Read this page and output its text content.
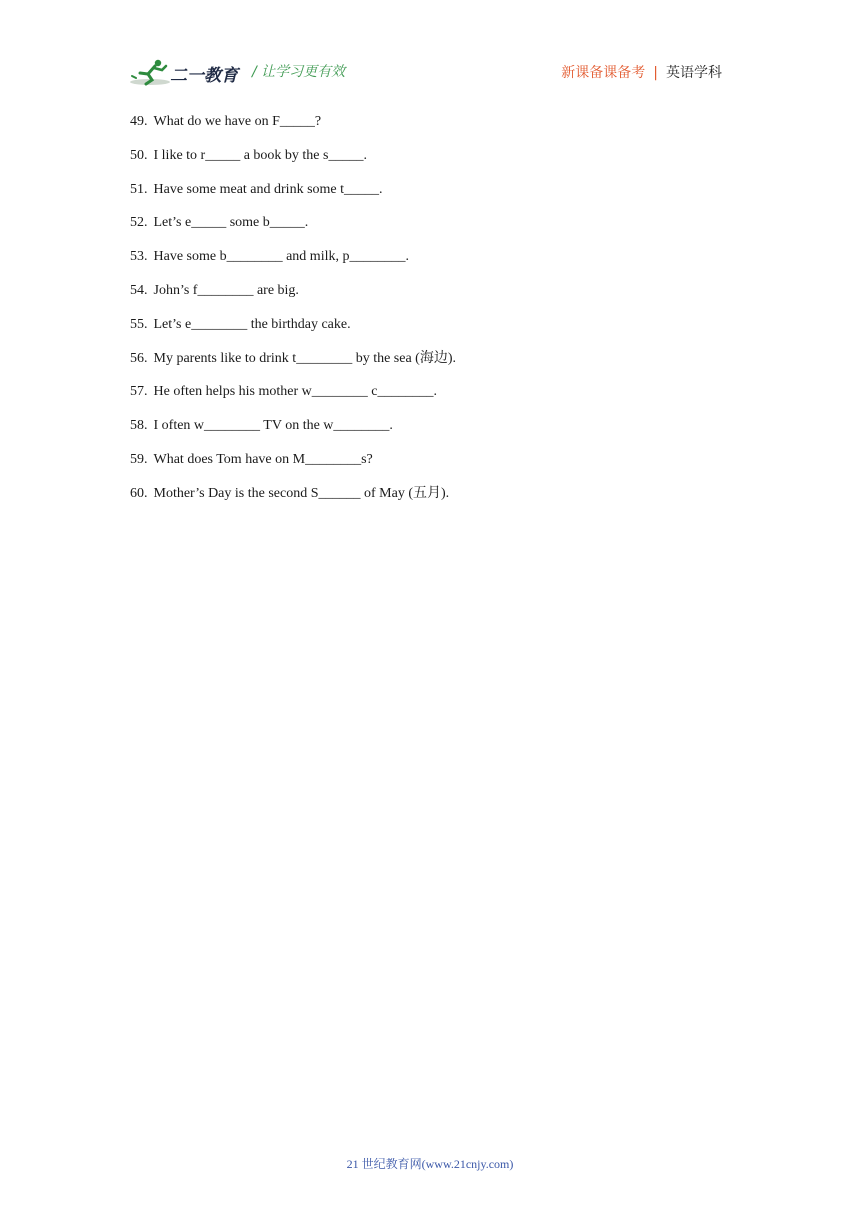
二一教育 / 让学习更有效	新课备课备考 | 英语学科
49. What do we have on F_____?
50. I like to r_____ a book by the s_____.
51. Have some meat and drink some t_____.
52. Let’s e_____ some b_____.
53. Have some b________ and milk, p________.
54. John’s f________ are big.
55. Let’s e________ the birthday cake.
56. My parents like to drink t________ by the sea (海边).
57. He often helps his mother w________ c________.
58. I often w________ TV on the w________.
59. What does Tom have on M________s?
60. Mother’s Day is the second S______ of May (五月).
21 世纪教育网(www.21cnjy.com)
